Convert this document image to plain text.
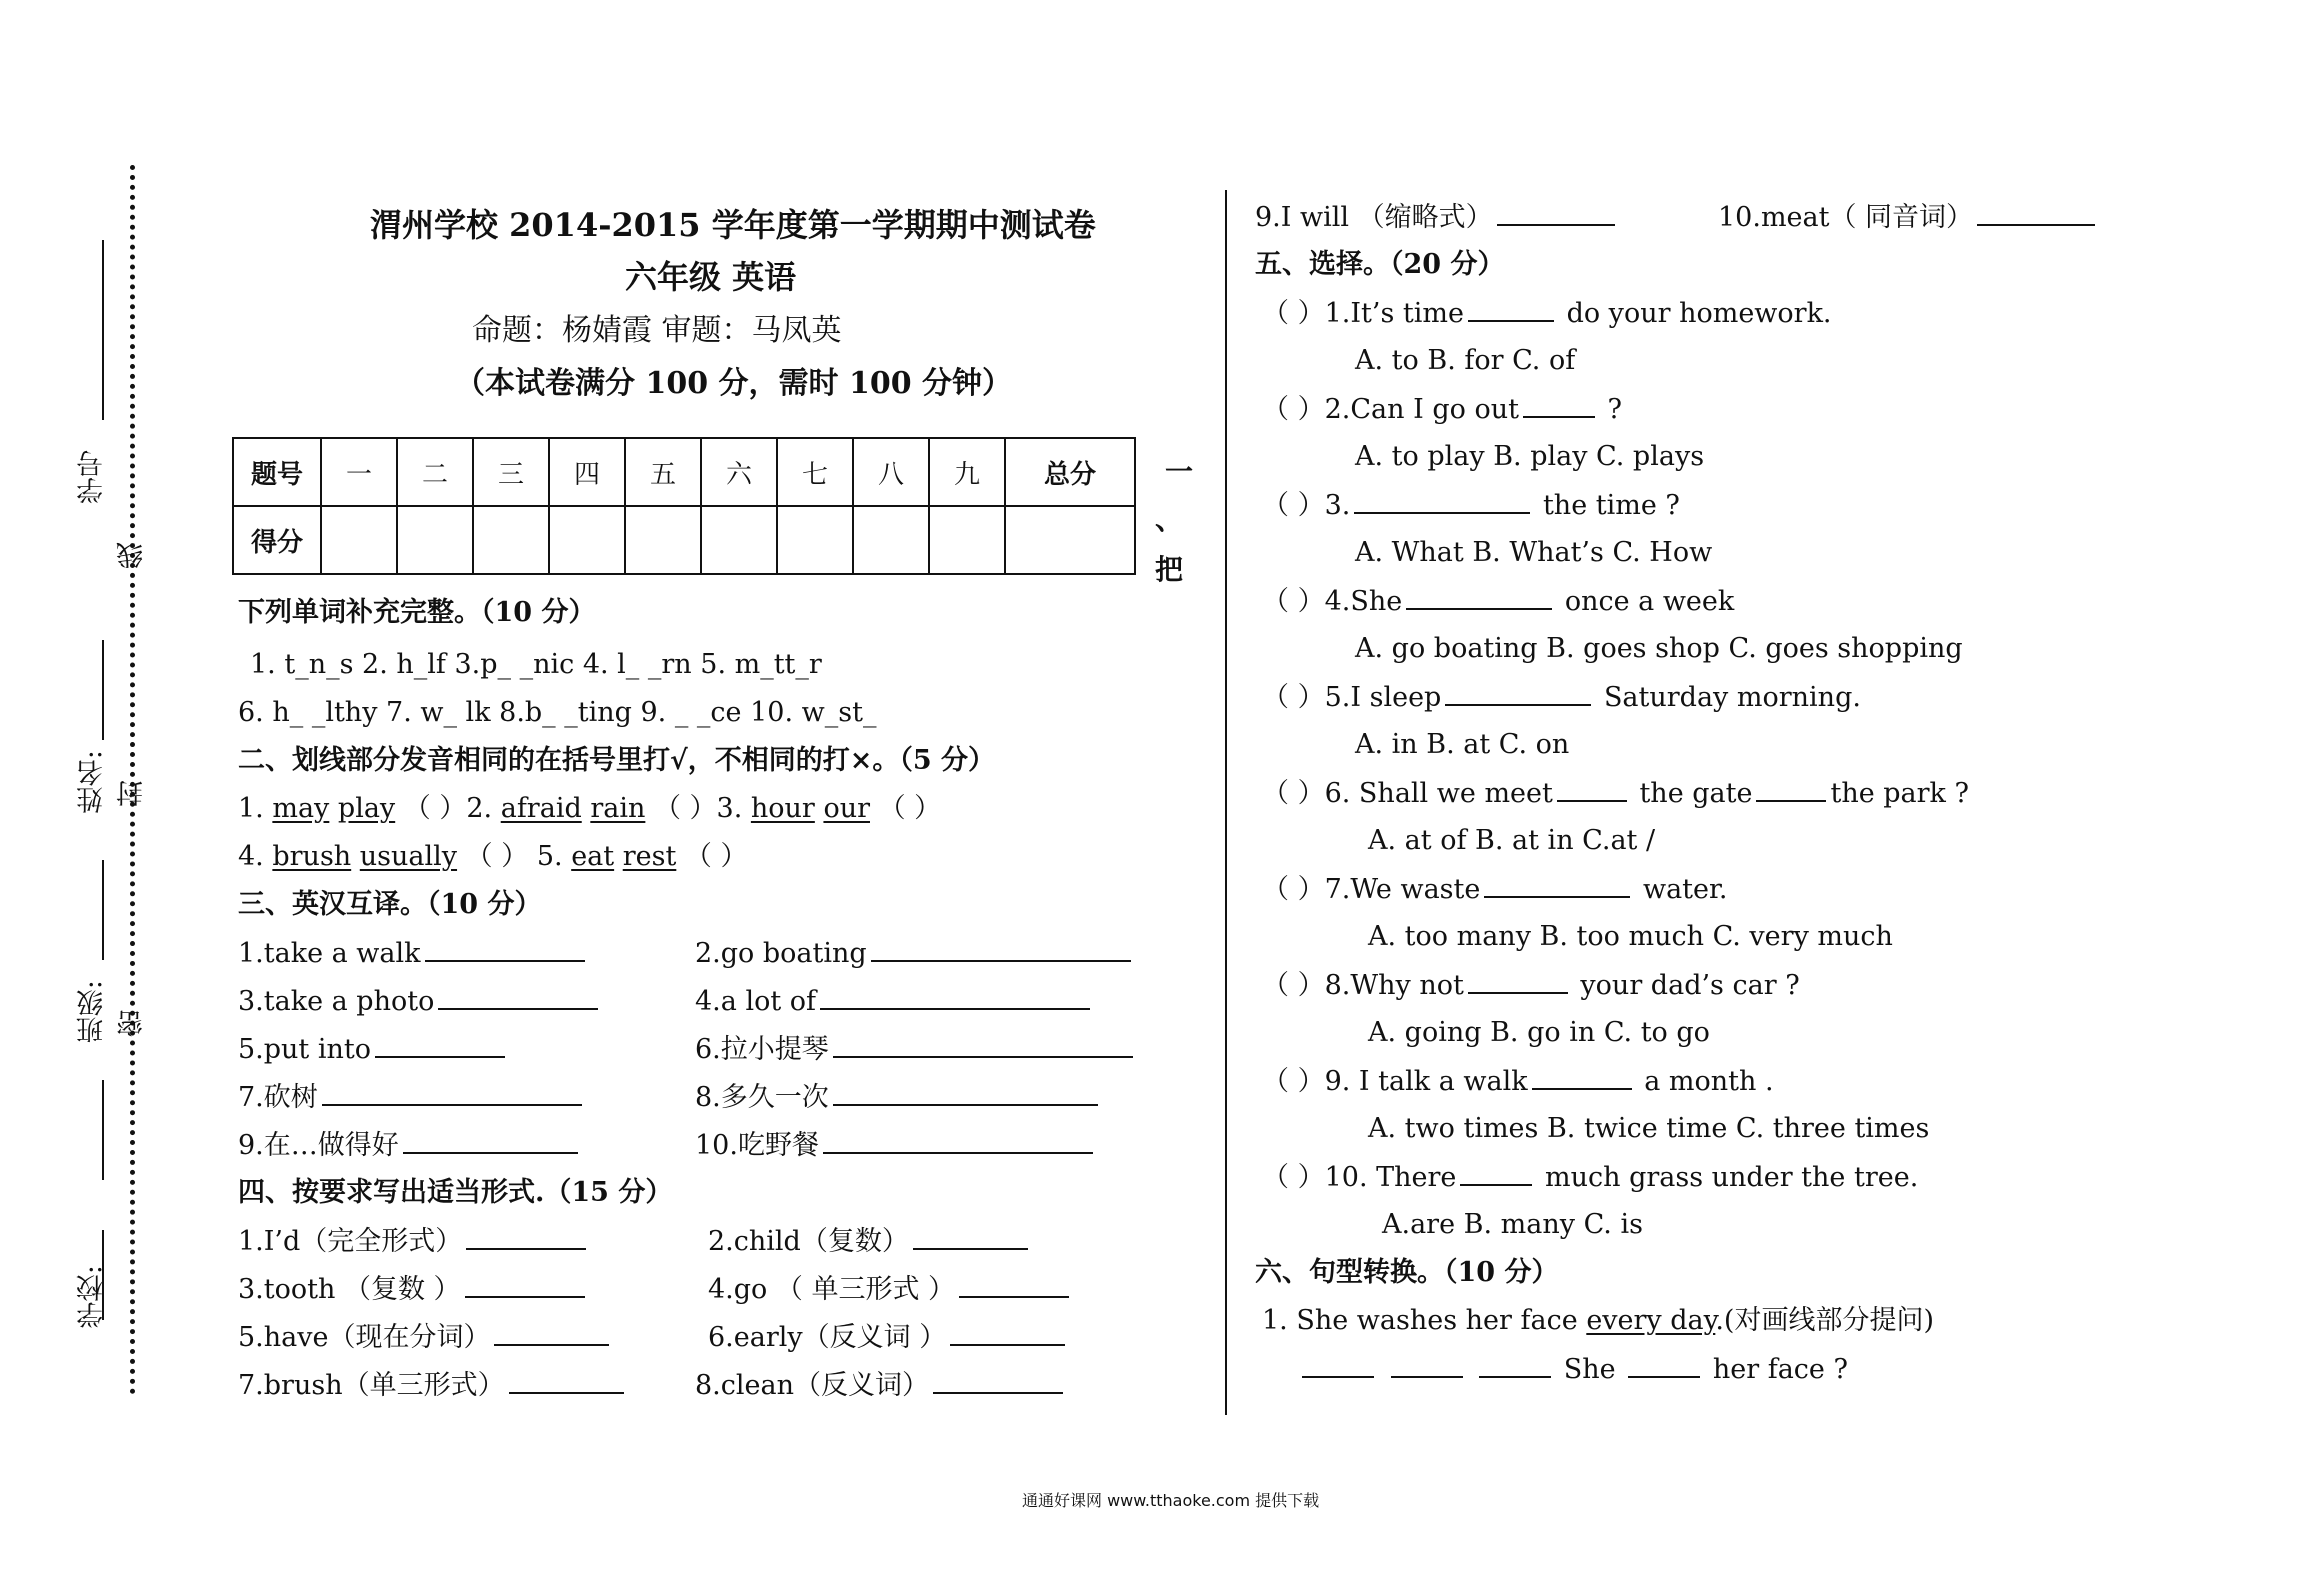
学号
线
姓名: 封
班级: 密
学校:
渭州学校 2014-2015 学年度第一学期期中测试卷
六年级 英语
命题：杨婧霞 审题：马凤英
（本试卷满分 100 分，需时 100 分钟）
题号	一	二	三	四	五	六	七	八	九	总分
得分										
一
、
把
下列单词补充完整。（10 分）
1. t_n_s 2. h_lf 3.p_ _nic 4. l_ _rn 5. m_tt_r
6. h_ _lthy 7. w_ lk 8.b_ _ting 9. _ _ce 10. w_st_
二、划线部分发音相同的在括号里打√，不相同的打×。（5 分）
1. may play （ ）2. afraid rain （ ）3. hour our （ ）
4. brush usually （ ） 5. eat rest （ ）
三、英汉互译。（10 分）
1.take a walk	2.go boating
3.take a photo	4.a lot of
5.put into	6.拉小提琴
7.砍树	8.多久一次
9.在…做得好	10.吃野餐
四、按要求写出适当形式.（15 分）
1.I’d（完全形式）	2.child（复数）
3.tooth （复数 ）	4.go （ 单三形式 ）
5.have（现在分词）	6.early（反义词 ）
7.brush（单三形式）	8.clean（反义词）
9.I will （缩略式）	10.meat（ 同音词）
五、选择。（20 分）
（ ）1.It’s time	do your homework.
A. to B. for C. of
（ ）2.Can I go out	?
A. to play B. play C. plays
（ ）3.	the time ?
A. What B. What’s C. How
（ ）4.She	once a week
A. go boating B. goes shop C. goes shopping
（ ）5.I sleep	Saturday morning.
A. in B. at C. on
（ ）6. Shall we meet	the gate	the park ?
A. at of B. at in C.at /
（ ）7.We waste	water.
A. too many B. too much C. very much
（ ）8.Why not	your dad’s car ?
A. going B. go in C. to go
（ ）9. I talk a walk	a month .
A. two times B. twice time C. three times
（ ）10. There	much grass under the tree.
A.are B. many C. is
六、句型转换。（10 分）
1. She washes her face every day.(对画线部分提问)
She	her face ?
通通好课网 www.tthaoke.com 提供下载
